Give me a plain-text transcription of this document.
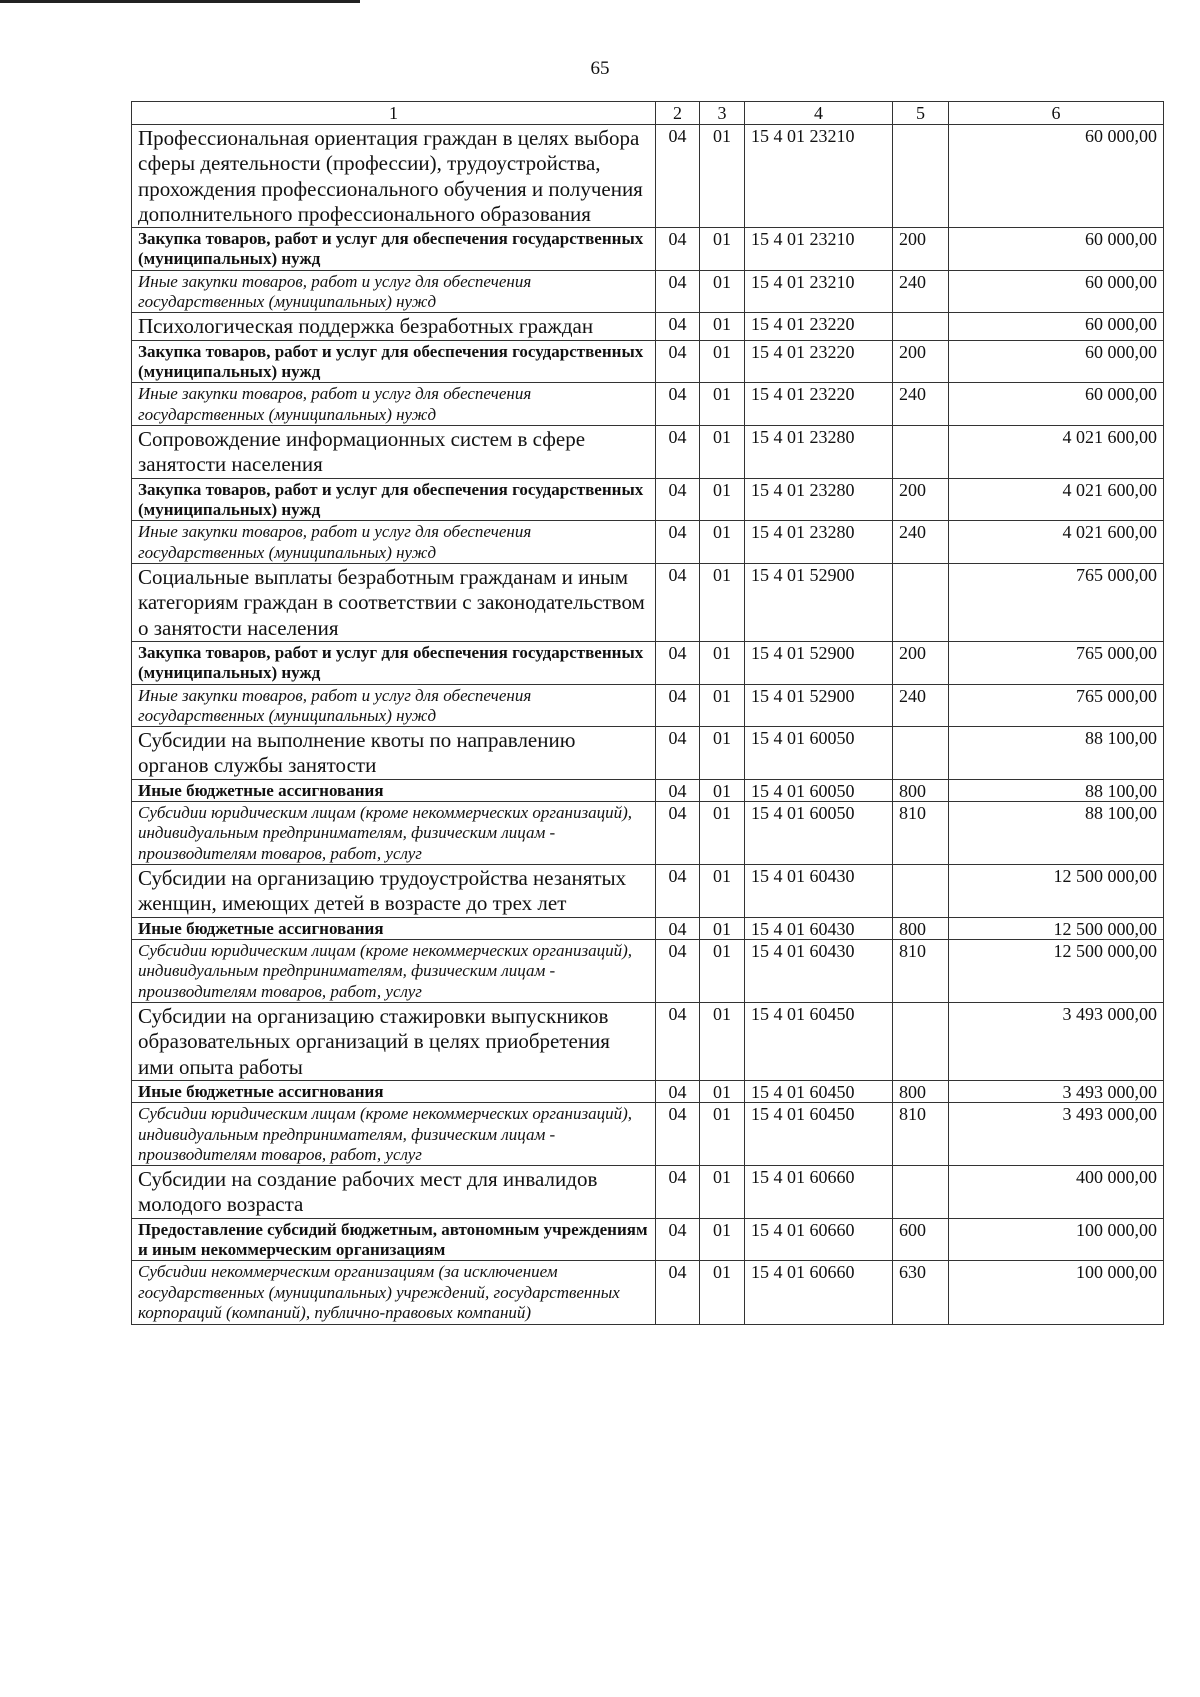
65
1	2	3	4	5	6
Профессиональная ориентация граждан в целях выбора сферы деятельности (профессии), трудоустройства, прохождения профессионального обучения и получения дополнительного профессионального образования	04	01	15 4 01 23210		60 000,00
Закупка товаров, работ и услуг для обеспечения государственных (муниципальных) нужд	04	01	15 4 01 23210	200	60 000,00
Иные закупки товаров, работ и услуг для обеспечения государственных (муниципальных) нужд	04	01	15 4 01 23210	240	60 000,00
Психологическая поддержка безработных граждан	04	01	15 4 01 23220		60 000,00
Закупка товаров, работ и услуг для обеспечения государственных (муниципальных) нужд	04	01	15 4 01 23220	200	60 000,00
Иные закупки товаров, работ и услуг для обеспечения государственных (муниципальных) нужд	04	01	15 4 01 23220	240	60 000,00
Сопровождение информационных систем в сфере занятости населения	04	01	15 4 01 23280		4 021 600,00
Закупка товаров, работ и услуг для обеспечения государственных (муниципальных) нужд	04	01	15 4 01 23280	200	4 021 600,00
Иные закупки товаров, работ и услуг для обеспечения государственных (муниципальных) нужд	04	01	15 4 01 23280	240	4 021 600,00
Социальные выплаты безработным гражданам и иным категориям граждан в соответствии с законодательством о занятости населения	04	01	15 4 01 52900		765 000,00
Закупка товаров, работ и услуг для обеспечения государственных (муниципальных) нужд	04	01	15 4 01 52900	200	765 000,00
Иные закупки товаров, работ и услуг для обеспечения государственных (муниципальных) нужд	04	01	15 4 01 52900	240	765 000,00
Субсидии на выполнение квоты по направлению органов службы занятости	04	01	15 4 01 60050		88 100,00
Иные бюджетные ассигнования	04	01	15 4 01 60050	800	88 100,00
Субсидии юридическим лицам (кроме некоммерческих организаций), индивидуальным предпринимателям, физическим лицам - производителям товаров, работ, услуг	04	01	15 4 01 60050	810	88 100,00
Субсидии на организацию трудоустройства незанятых женщин, имеющих детей в возрасте до трех лет	04	01	15 4 01 60430		12 500 000,00
Иные бюджетные ассигнования	04	01	15 4 01 60430	800	12 500 000,00
Субсидии юридическим лицам (кроме некоммерческих организаций), индивидуальным предпринимателям, физическим лицам - производителям товаров, работ, услуг	04	01	15 4 01 60430	810	12 500 000,00
Субсидии на организацию стажировки выпускников образовательных организаций в целях приобретения ими опыта работы	04	01	15 4 01 60450		3 493 000,00
Иные бюджетные ассигнования	04	01	15 4 01 60450	800	3 493 000,00
Субсидии юридическим лицам (кроме некоммерческих организаций), индивидуальным предпринимателям, физическим лицам - производителям товаров, работ, услуг	04	01	15 4 01 60450	810	3 493 000,00
Субсидии на создание рабочих мест для инвалидов молодого возраста	04	01	15 4 01 60660		400 000,00
Предоставление субсидий бюджетным, автономным учреждениям и иным некоммерческим организациям	04	01	15 4 01 60660	600	100 000,00
Субсидии некоммерческим организациям (за исключением государственных (муниципальных) учреждений, государственных корпораций (компаний), публично-правовых компаний)	04	01	15 4 01 60660	630	100 000,00
